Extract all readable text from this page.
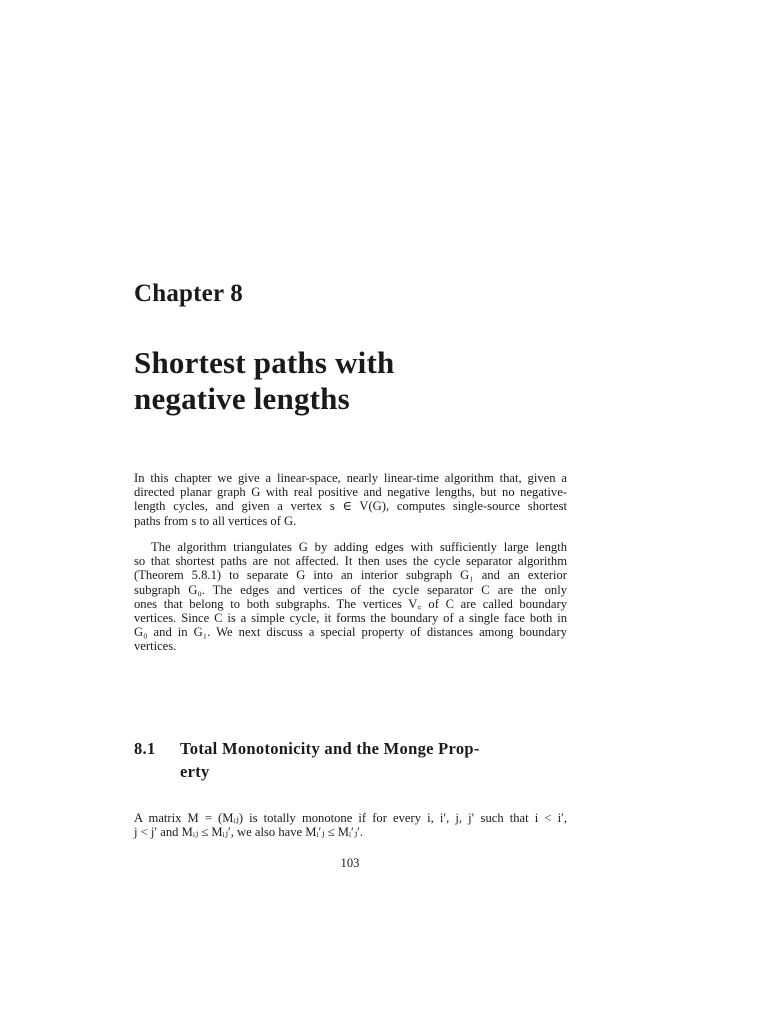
Chapter 8
Shortest paths with
negative lengths
In this chapter we give a linear-space, nearly linear-time algorithm that, given a
directed planar graph G with real positive and negative lengths, but no negative-
length cycles, and given a vertex s ∈ V(G), computes single-source shortest
paths from s to all vertices of G.
The algorithm triangulates G by adding edges with sufficiently large length
so that shortest paths are not affected. It then uses the cycle separator algorithm
(Theorem 5.8.1) to separate G into an interior subgraph G₁ and an exterior
subgraph G₀. The edges and vertices of the cycle separator C are the only
ones that belong to both subgraphs. The vertices V꜀ of C are called boundary
vertices. Since C is a simple cycle, it forms the boundary of a single face both in
G₀ and in G₁. We next discuss a special property of distances among boundary
vertices.
8.1 Total Monotonicity and the Monge Prop-
erty
A matrix M = (Mᵢⱼ) is totally monotone if for every i, i′, j, j′ such that i < i′,
j < j′ and Mᵢⱼ ≤ Mᵢⱼ′, we also have Mᵢ′ⱼ ≤ Mᵢ′ⱼ′.
103
